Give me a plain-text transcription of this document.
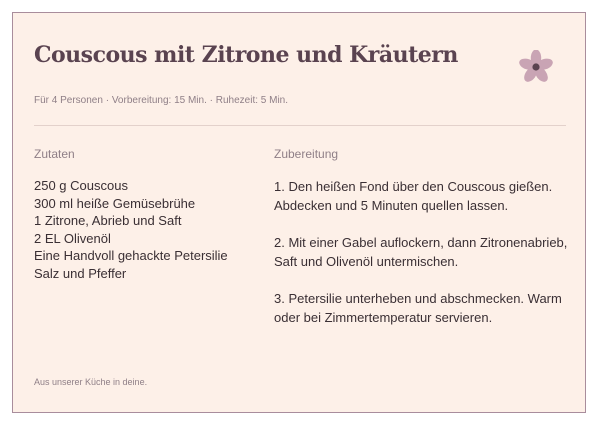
Couscous mit Zitrone und Kräutern
Für 4 Personen · Vorbereitung: 15 Min. · Ruhezeit: 5 Min.
Zutaten	Zubereitung
250 g Couscous
300 ml heiße Gemüsebrühe
1 Zitrone, Abrieb und Saft
2 EL Olivenöl
Eine Handvoll gehackte Petersilie
Salz und Pfeffer
1. Den heißen Fond über den Couscous gießen. Abdecken und 5 Minuten quellen lassen.
2. Mit einer Gabel auflockern, dann Zitronenabrieb, Saft und Olivenöl untermischen.
3. Petersilie unterheben und abschmecken. Warm oder bei Zimmertemperatur servieren.
Aus unserer Küche in deine.
